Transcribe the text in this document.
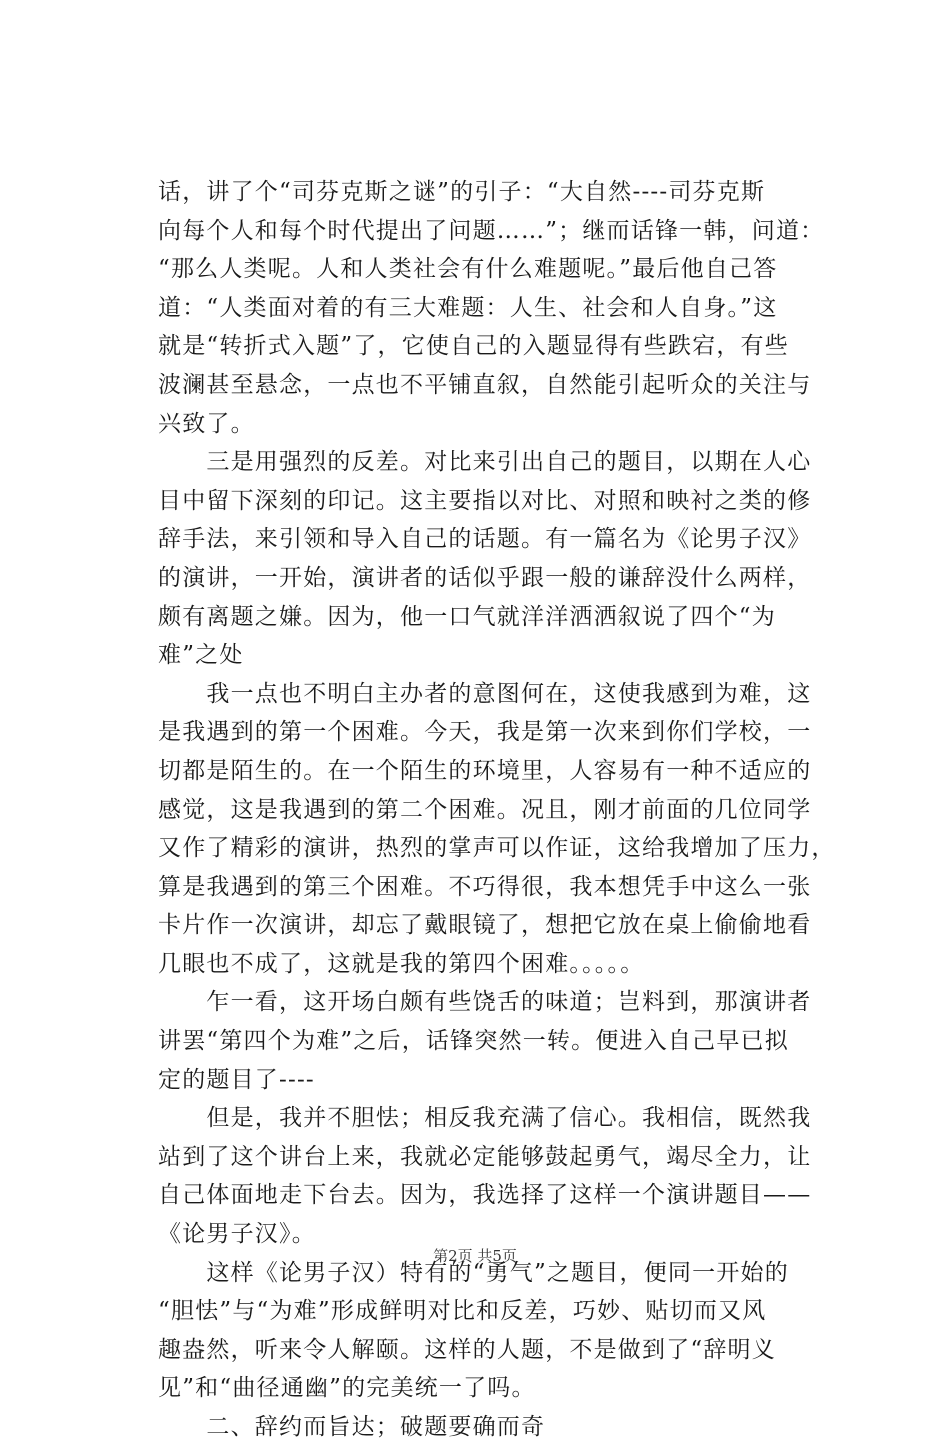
话，讲了个“司芬克斯之谜”的引子：“大自然----司芬克斯
向每个人和每个时代提出了问题……”；继而话锋一韩，问道：
“那么人类呢。人和人类社会有什么难题呢。”最后他自己答
道：“人类面对着的有三大难题：人生、社会和人自身。”这
就是“转折式入题”了，它使自己的入题显得有些跌宕，有些
波澜甚至悬念，一点也不平铺直叙，自然能引起听众的关注与
兴致了。
　　三是用强烈的反差。对比来引出自己的题目，以期在人心
目中留下深刻的印记。这主要指以对比、对照和映衬之类的修
辞手法，来引领和导入自己的话题。有一篇名为《论男子汉》
的演讲，一开始，演讲者的话似乎跟一般的谦辞没什么两样，
颇有离题之嫌。因为，他一口气就洋洋洒洒叙说了四个“为
难”之处
　　我一点也不明白主办者的意图何在，这使我感到为难，这
是我遇到的第一个困难。今天，我是第一次来到你们学校，一
切都是陌生的。在一个陌生的环境里，人容易有一种不适应的
感觉，这是我遇到的第二个困难。况且，刚才前面的几位同学
又作了精彩的演讲，热烈的掌声可以作证，这给我增加了压力，
算是我遇到的第三个困难。不巧得很，我本想凭手中这么一张
卡片作一次演讲，却忘了戴眼镜了，想把它放在桌上偷偷地看
几眼也不成了，这就是我的第四个困难。。。。。
　　乍一看，这开场白颇有些饶舌的味道；岂料到，那演讲者
讲罢“第四个为难”之后，话锋突然一转。便进入自己早已拟
定的题目了----
　　但是，我并不胆怯；相反我充满了信心。我相信，既然我
站到了这个讲台上来，我就必定能够鼓起勇气，竭尽全力，让
自己体面地走下台去。因为，我选择了这样一个演讲题目——
《论男子汉》。
　　这样《论男子汉）特有的“勇气”之题目，便同一开始的
“胆怯”与“为难”形成鲜明对比和反差，巧妙、贴切而又风
趣盎然，听来令人解颐。这样的人题，不是做到了“辞明义
见”和“曲径通幽”的完美统一了吗。
　　二、辞约而旨达；破题要确而奇
第2页 共5页
